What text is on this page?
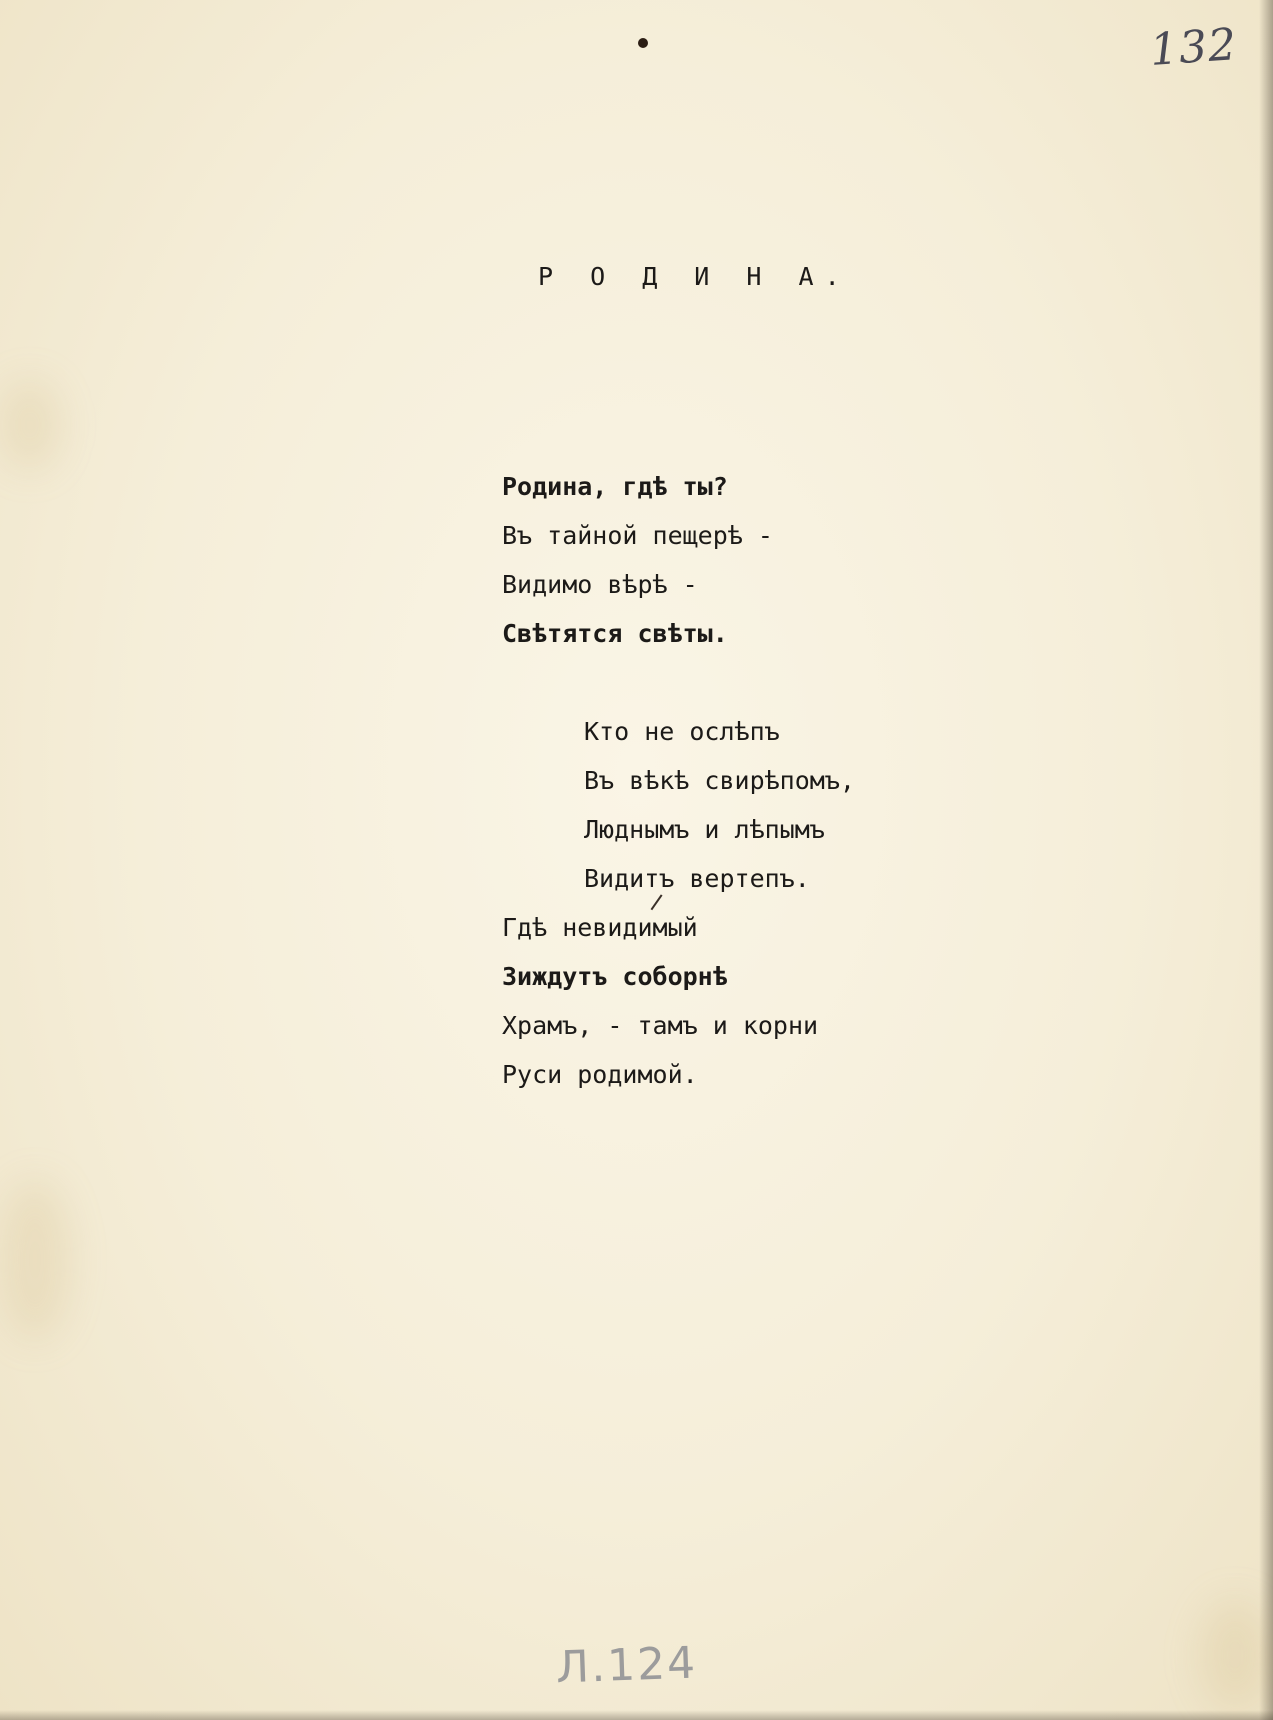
132
Р О Д И Н А.
Родина, гдѣ ты?
Въ тайной пещерѣ -
Видимо вѣрѣ -
Свѣтятся свѣты.
Кто не ослѣпъ
Въ вѣкѣ свирѣпомъ,
Люднымъ и лѣпымъ
Видитъ вертепъ.
Гдѣ невидимый
Зиждутъ соборнѣ
Храмъ, - тамъ и корни
Руси родимой.
Л.124
